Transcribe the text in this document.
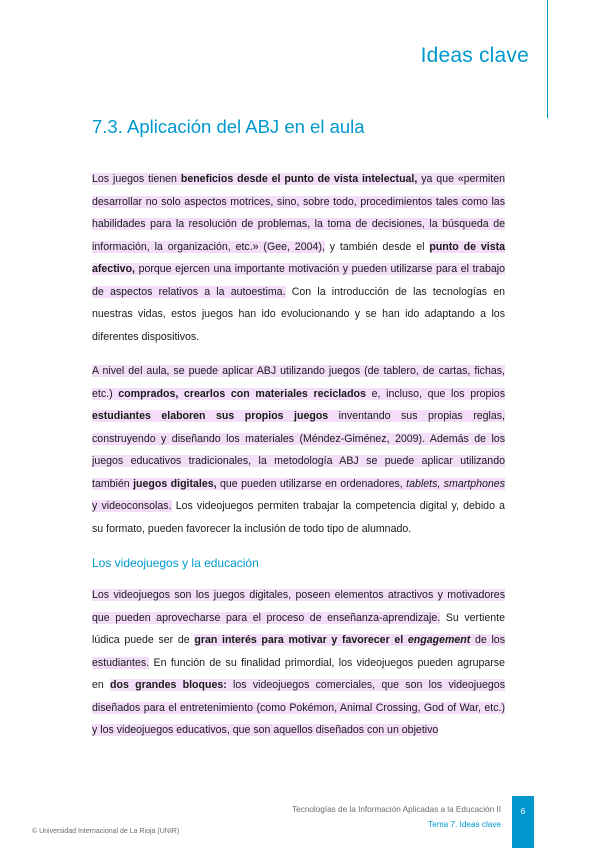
Ideas clave
7.3. Aplicación del ABJ en el aula

Los juegos tienen beneficios desde el punto de vista intelectual, ya que «permiten desarrollar no solo aspectos motrices, sino, sobre todo, procedimientos tales como las habilidades para la resolución de problemas, la toma de decisiones, la búsqueda de información, la organización, etc.» (Gee, 2004), y también desde el punto de vista afectivo, porque ejercen una importante motivación y pueden utilizarse para el trabajo de aspectos relativos a la autoestima. Con la introducción de las tecnologías en nuestras vidas, estos juegos han ido evolucionando y se han ido adaptando a los diferentes dispositivos.

A nivel del aula, se puede aplicar ABJ utilizando juegos (de tablero, de cartas, fichas, etc.) comprados, crearlos con materiales reciclados e, incluso, que los propios estudiantes elaboren sus propios juegos inventando sus propias reglas, construyendo y diseñando los materiales (Méndez-Giménez, 2009). Además de los juegos educativos tradicionales, la metodología ABJ se puede aplicar utilizando también juegos digitales, que pueden utilizarse en ordenadores, tablets, smartphones y videoconsolas. Los videojuegos permiten trabajar la competencia digital y, debido a su formato, pueden favorecer la inclusión de todo tipo de alumnado.

Los videojuegos y la educación

Los videojuegos son los juegos digitales, poseen elementos atractivos y motivadores que pueden aprovecharse para el proceso de enseñanza-aprendizaje. Su vertiente lúdica puede ser de gran interés para motivar y favorecer el engagement de los estudiantes. En función de su finalidad primordial, los videojuegos pueden agruparse en dos grandes bloques: los videojuegos comerciales, que son los videojuegos diseñados para el entretenimiento (como Pokémon, Animal Crossing, God of War, etc.) y los videojuegos educativos, que son aquellos diseñados con un objetivo

Tecnologías de la Información Aplicadas a la Educación II
Tema 7. Ideas clave
6
© Universidad Internacional de La Rioja (UNIR)
